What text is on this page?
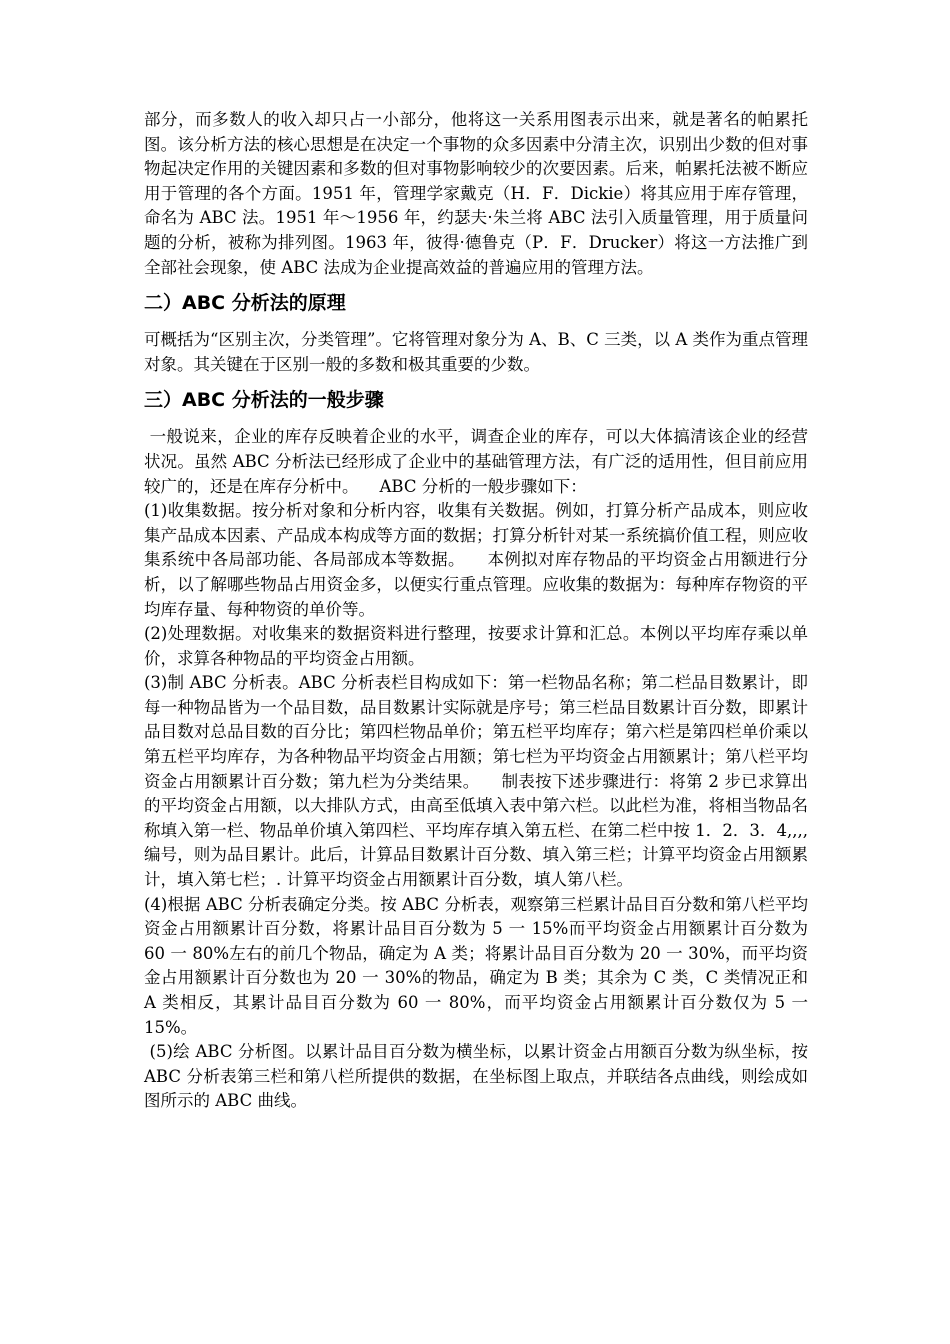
部分，而多数人的收入却只占一小部分，他将这一关系用图表示出来，就是著名的帕累托图。该分析方法的核心思想是在决定一个事物的众多因素中分清主次，识别出少数的但对事物起决定作用的关键因素和多数的但对事物影响较少的次要因素。后来，帕累托法被不断应用于管理的各个方面。1951 年，管理学家戴克（H．F．Dickie）将其应用于库存管理，命名为 ABC 法。1951 年～1956 年，约瑟夫·朱兰将 ABC 法引入质量管理，用于质量问题的分析，被称为排列图。1963 年，彼得·德鲁克（P．F．Drucker）将这一方法推广到全部社会现象，使 ABC 法成为企业提高效益的普遍应用的管理方法。

二）ABC 分析法的原理

可概括为“区别主次，分类管理”。它将管理对象分为 A、B、C 三类，以 A 类作为重点管理对象。其关键在于区别一般的多数和极其重要的少数。

三）ABC 分析法的一般步骤

一般说来，企业的库存反映着企业的水平，调查企业的库存，可以大体搞清该企业的经营状况。虽然 ABC 分析法已经形成了企业中的基础管理方法，有广泛的适用性，但目前应用较广的，还是在库存分析中。    ABC 分析的一般步骤如下：

(1)收集数据。按分析对象和分析内容，收集有关数据。例如，打算分析产品成本，则应收集产品成本因素、产品成本构成等方面的数据；打算分析针对某一系统搞价值工程，则应收集系统中各局部功能、各局部成本等数据。    本例拟对库存物品的平均资金占用额进行分析，以了解哪些物品占用资金多，以便实行重点管理。应收集的数据为：每种库存物资的平均库存量、每种物资的单价等。

(2)处理数据。对收集来的数据资料进行整理，按要求计算和汇总。本例以平均库存乘以单价，求算各种物品的平均资金占用额。

(3)制 ABC 分析表。ABC 分析表栏目构成如下：第一栏物品名称；第二栏品目数累计，即每一种物品皆为一个品目数，品目数累计实际就是序号；第三栏品目数累计百分数，即累计品目数对总品目数的百分比；第四栏物品单价；第五栏平均库存；第六栏是第四栏单价乘以第五栏平均库存，为各种物品平均资金占用额；第七栏为平均资金占用额累计；第八栏平均资金占用额累计百分数；第九栏为分类结果。    制表按下述步骤进行：将第 2 步已求算出的平均资金占用额，以大排队方式，由高至低填入表中第六栏。以此栏为准，将相当物品名称填入第一栏、物品单价填入第四栏、平均库存填入第五栏、在第二栏中按 1．2．3．4,,,,编号，则为品目累计。此后，计算品目数累计百分数、填入第三栏；计算平均资金占用额累计，填入第七栏；. 计算平均资金占用额累计百分数，填人第八栏。

(4)根据 ABC 分析表确定分类。按 ABC 分析表，观察第三栏累计品目百分数和第八栏平均资金占用额累计百分数，将累计品目百分数为 5 一 15%而平均资金占用额累计百分数为 60 一 80%左右的前几个物品，确定为 A 类；将累计品目百分数为 20 一 30%，而平均资金占用额累计百分数也为 20 一 30%的物品，确定为 B 类；其余为 C 类，C 类情况正和 A 类相反，其累计品目百分数为 60 一 80%，而平均资金占用额累计百分数仅为 5 一 15%。

(5)绘 ABC 分析图。以累计品目百分数为横坐标，以累计资金占用额百分数为纵坐标，按 ABC 分析表第三栏和第八栏所提供的数据，在坐标图上取点，并联结各点曲线，则绘成如图所示的 ABC 曲线。
